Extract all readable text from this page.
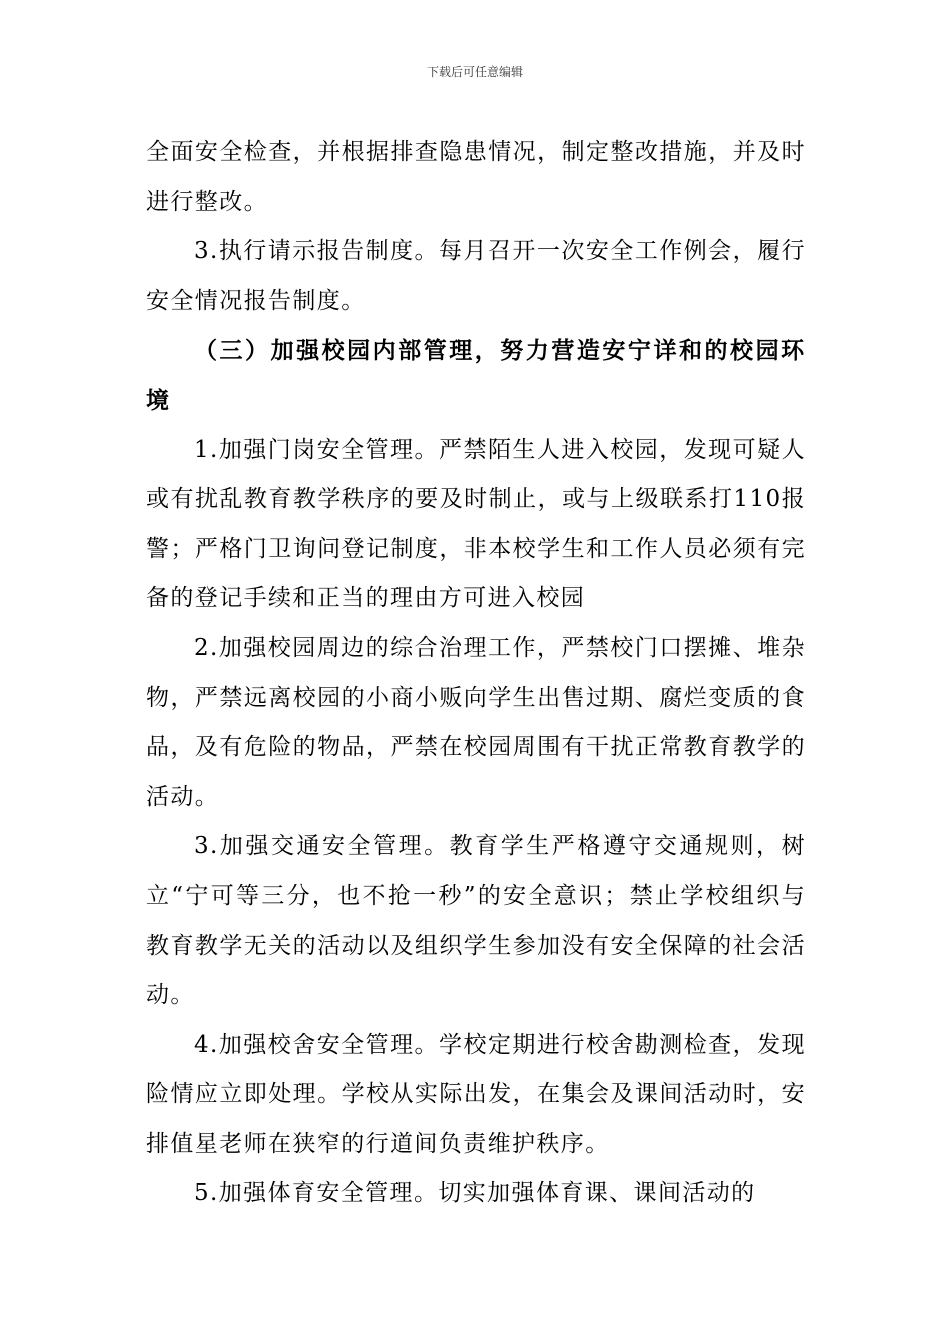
下载后可任意编辑

全面安全检查，并根据排查隐患情况，制定整改措施，并及时进行整改。

3.执行请示报告制度。每月召开一次安全工作例会，履行安全情况报告制度。

（三）加强校园内部管理，努力营造安宁详和的校园环境

1.加强门岗安全管理。严禁陌生人进入校园，发现可疑人或有扰乱教育教学秩序的要及时制止，或与上级联系打110报警；严格门卫询问登记制度，非本校学生和工作人员必须有完备的登记手续和正当的理由方可进入校园

2.加强校园周边的综合治理工作，严禁校门口摆摊、堆杂物，严禁远离校园的小商小贩向学生出售过期、腐烂变质的食品，及有危险的物品，严禁在校园周围有干扰正常教育教学的活动。

3.加强交通安全管理。教育学生严格遵守交通规则，树立“宁可等三分，也不抢一秒”的安全意识；禁止学校组织与教育教学无关的活动以及组织学生参加没有安全保障的社会活动。

4.加强校舍安全管理。学校定期进行校舍勘测检查，发现险情应立即处理。学校从实际出发，在集会及课间活动时，安排值星老师在狭窄的行道间负责维护秩序。

5.加强体育安全管理。切实加强体育课、课间活动的
